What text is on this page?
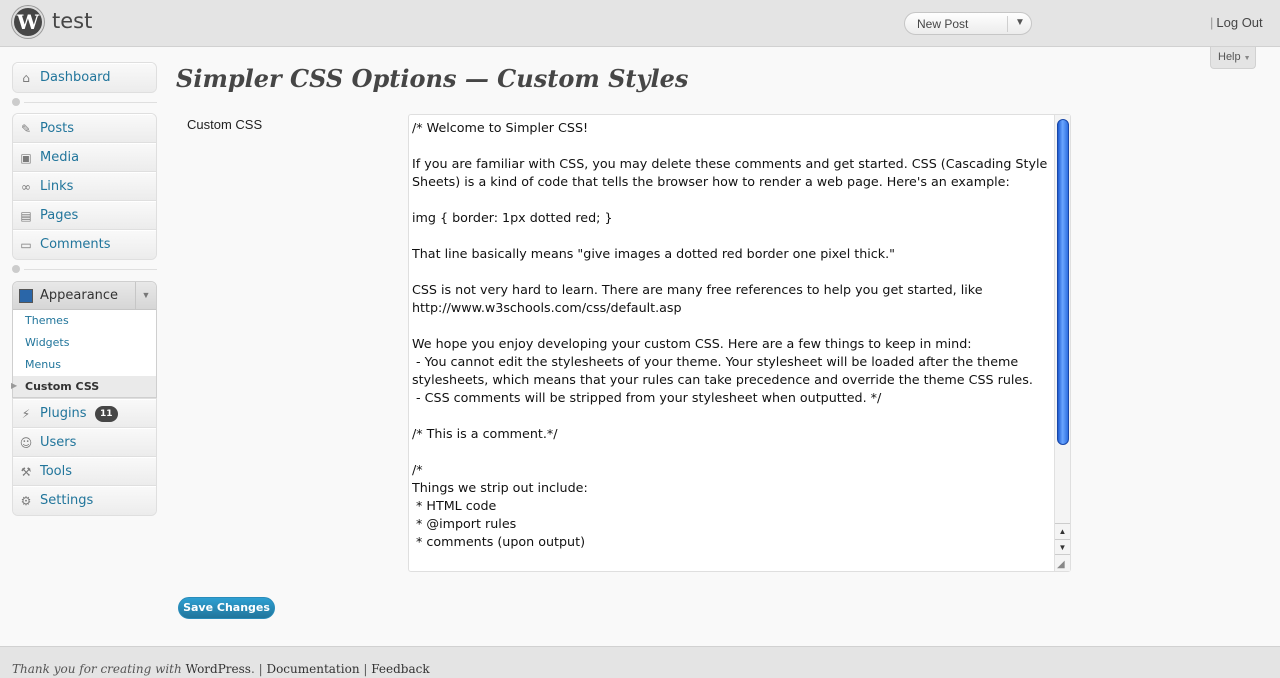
W test	New Post	▼	| Log Out
Help ▼
⌂ Dashboard
✎ Posts
▣ Media
∞ Links
▤ Pages
▭ Comments
Appearance	▼
Themes
Widgets
Menus
Custom CSS
▶
⚡ Plugins	11
☺ Users
⚒ Tools
⚙ Settings
Simpler CSS Options — Custom Styles
Custom CSS	/* Welcome to Simpler CSS!
If you are familiar with CSS, you may delete these comments and get started. CSS (Cascading Style
Sheets) is a kind of code that tells the browser how to render a web page. Here's an example:
img { border: 1px dotted red; }
That line basically means "give images a dotted red border one pixel thick."
CSS is not very hard to learn. There are many free references to help you get started, like
http://www.w3schools.com/css/default.asp
We hope you enjoy developing your custom CSS. Here are a few things to keep in mind:
- You cannot edit the stylesheets of your theme. Your stylesheet will be loaded after the theme
stylesheets, which means that your rules can take precedence and override the theme CSS rules.
- CSS comments will be stripped from your stylesheet when outputted. */
/* This is a comment.*/
/*
Things we strip out include:
* HTML code
* @import rules
* comments (upon output)
▲
▼
◢
Save Changes
Thank you for creating with WordPress. | Documentation | Feedback
